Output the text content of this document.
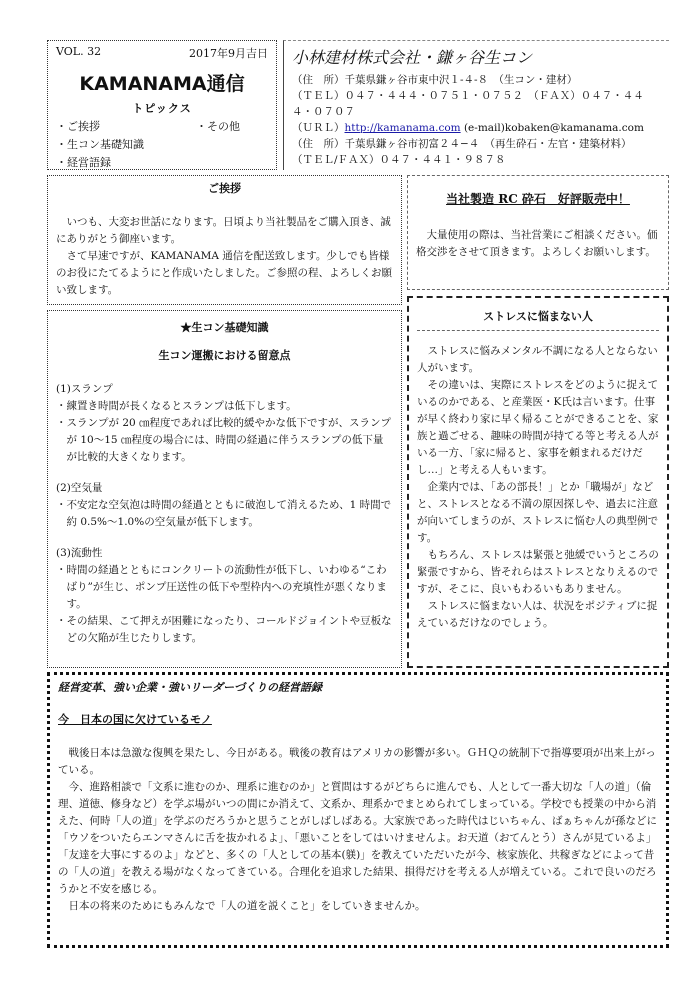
VOL. 32	2017年9月吉日
KAMANAMA通信
トピックス
・ご挨拶	・その他
・生コン基礎知識
・経営語録
小林建材株式会社・鎌ヶ谷生コン
（住　所）千葉県鎌ヶ谷市東中沢１-４-８　（生コン・建材）
（ＴＥＬ）０４７・４４４・０７５１・０７５２　（ＦＡＸ）０４７・４４４・０７０７
（ＵＲＬ）http://kamanama.com (e-mail)kobaken@kamanama.com
（住　所）千葉県鎌ヶ谷市初富２４−４　（再生砕石・左官・建築材料）
（ＴＥＬ/ＦＡＸ）０４７・４４１・９８７８
ご挨拶

いつも、大変お世話になります。日頃より当社製品をご購入頂き、誠にありがとう御座います。

さて早速ですが、KAMANAMA 通信を配送致します。少しでも皆様のお役にたてるようにと作成いたしました。ご参照の程、よろしくお願い致します。

当社製造 RC 砕石　好評販売中！

大量使用の際は、当社営業にご相談ください。価格交渉をさせて頂きます。よろしくお願いします。

★生コン基礎知識
生コン運搬における留意点

(1)スランプ

・練置き時間が長くなるとスランプは低下します。

・スランプが 20 ㎝程度であれば比較的緩やかな低下ですが、スランプが 10〜15 ㎝程度の場合には、時間の経過に伴うスランプの低下量が比較的大きくなります。

(2)空気量

・不安定な空気泡は時間の経過とともに破泡して消えるため、1 時間で約 0.5%〜1.0%の空気量が低下します。

(3)流動性

・時間の経過とともにコンクリートの流動性が低下し、いわゆる“こわばり”が生じ、ポンプ圧送性の低下や型枠内への充填性が悪くなります。

・その結果、こて押えが困難になったり、コールドジョイントや豆板などの欠陥が生じたりします。

ストレスに悩まない人

ストレスに悩みメンタル不調になる人とならない人がいます。

その違いは、実際にストレスをどのように捉えているのかである、と産業医・K氏は言います。仕事が早く終わり家に早く帰ることができることを、家族と過ごせる、趣味の時間が持てる等と考える人がいる一方、「家に帰ると、家事を頼まれるだけだし…」と考える人もいます。

企業内では、「あの部長！」とか「職場が」などと、ストレスとなる不満の原因探しや、過去に注意が向いてしまうのが、ストレスに悩む人の典型例です。

もちろん、ストレスは緊張と弛緩でいうところの緊張ですから、皆それらはストレスとなりえるのですが、そこに、良いもわるいもありません。

ストレスに悩まない人は、状況をポジティブに捉えているだけなのでしょう。

経営変革、強い企業・強いリーダーづくりの経営語録
今　日本の国に欠けているモノ

戦後日本は急激な復興を果たし、今日がある。戦後の教育はアメリカの影響が多い。ＧＨＱの統制下で指導要項が出来上がっている。

今、進路相談で「文系に進むのか、理系に進むのか」と質問はするがどちらに進んでも、人として一番大切な「人の道」（倫理、道徳、修身など）を学ぶ場がいつの間にか消えて、文系か、理系かでまとめられてしまっている。学校でも授業の中から消えた、何時「人の道」を学ぶのだろうかと思うことがしばしばある。大家族であった時代はじいちゃん、ばぁちゃんが孫などに「ウソをついたらエンマさんに舌を抜かれるよ」、「悪いことをしてはいけませんよ。お天道（おてんとう）さんが見ているよ」「友達を大事にするのよ」などと、多くの「人としての基本(躾)」を教えていただいたが今、核家族化、共稼ぎなどによって昔の「人の道」を教える場がなくなってきている。合理化を追求した結果、損得だけを考える人が増えている。これで良いのだろうかと不安を感じる。

日本の将来のためにもみんなで「人の道を説くこと」をしていきませんか。
